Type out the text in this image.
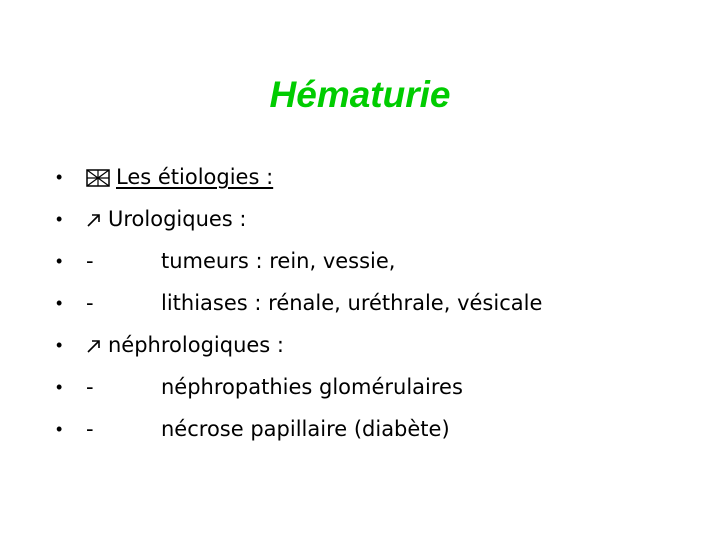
Hématurie
•	Les étiologies :
•	Urologiques :
•	-	tumeurs : rein, vessie,
•	-	lithiases : rénale, uréthrale, vésicale
•	néphrologiques :
•	-	néphropathies glomérulaires
•	-	nécrose papillaire (diabète)
